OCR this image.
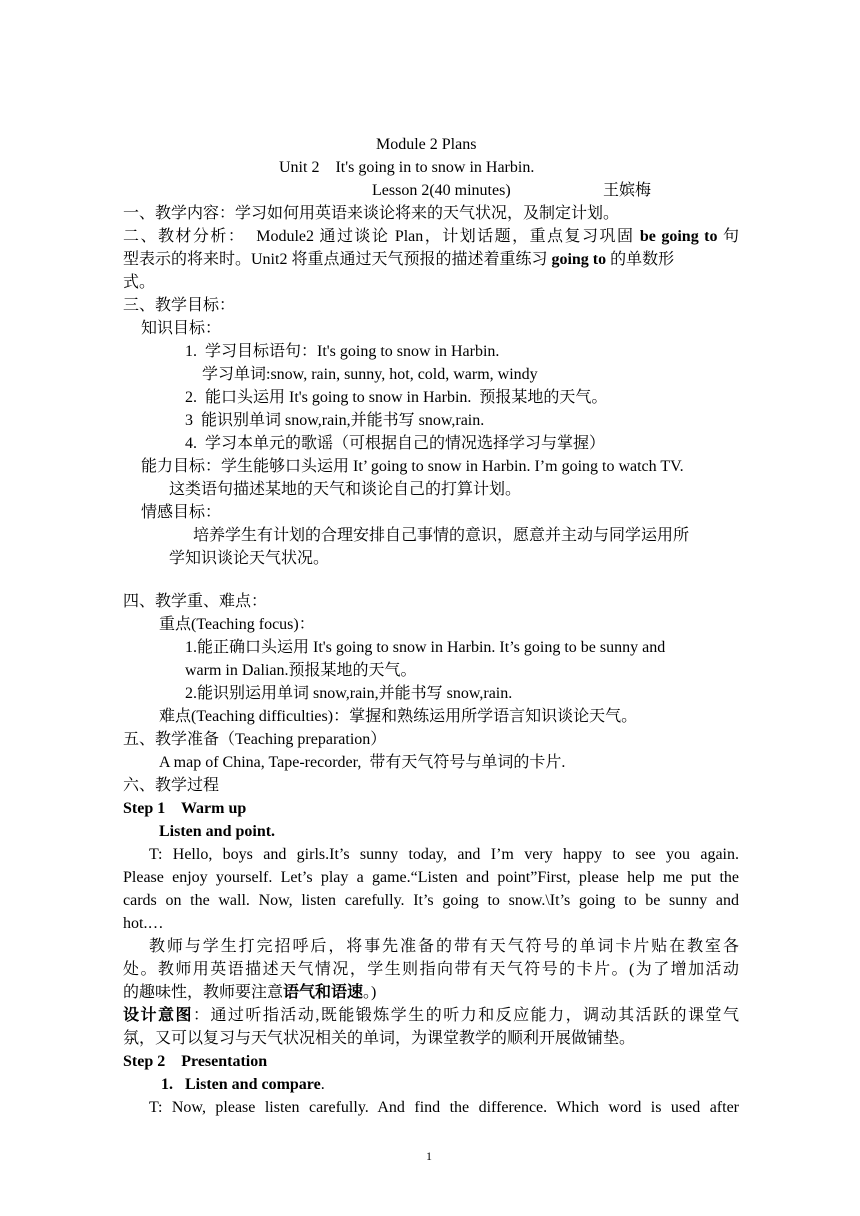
Module 2 Plans
Unit 2    It's going in to snow in Harbin.
Lesson 2(40 minutes)	王嫔梅
一、教学内容：学习如何用英语来谈论将来的天气状况，及制定计划。
二、教材分析：  Module2 通过谈论 Plan，计划话题，重点复习巩固 be going to 句
型表示的将来时。Unit2 将重点通过天气预报的描述着重练习 going to 的单数形
式。
三、教学目标：
知识目标：
1.  学习目标语句：It's going to snow in Harbin.
学习单词:snow, rain, sunny, hot, cold, warm, windy
2.  能口头运用 It's going to snow in Harbin.  预报某地的天气。
3  能识别单词 snow,rain,并能书写 snow,rain.
4.  学习本单元的歌谣（可根据自己的情况选择学习与掌握）
能力目标：学生能够口头运用 It’ going to snow in Harbin. I’m going to watch TV.
这类语句描述某地的天气和谈论自己的打算计划。
情感目标：
培养学生有计划的合理安排自己事情的意识，愿意并主动与同学运用所
学知识谈论天气状况。
四、教学重、难点：
重点(Teaching focus)：
1.能正确口头运用 It's going to snow in Harbin. It’s going to be sunny and
warm in Dalian.预报某地的天气。
2.能识别运用单词 snow,rain,并能书写 snow,rain.
难点(Teaching difficulties)：掌握和熟练运用所学语言知识谈论天气。
五、教学准备（Teaching preparation）
A map of China, Tape-recorder,  带有天气符号与单词的卡片.
六、教学过程
Step 1    Warm up
Listen and point.
T: Hello, boys and girls.It’s sunny today, and I’m very happy to see you again.
Please enjoy yourself. Let’s play a game.“Listen and point”First, please help me put the
cards on the wall. Now, listen carefully. It’s going to snow.\It’s going to be sunny and
hot.…
教师与学生打完招呼后，将事先准备的带有天气符号的单词卡片贴在教室各
处。教师用英语描述天气情况，学生则指向带有天气符号的卡片。(为了增加活动
的趣味性，教师要注意语气和语速。)
设计意图：通过听指活动,既能锻炼学生的听力和反应能力，调动其活跃的课堂气
氛，又可以复习与天气状况相关的单词，为课堂教学的顺利开展做铺垫。
Step 2    Presentation
1.   Listen and compare.
T: Now, please listen carefully. And find the difference. Which word is used after
1
